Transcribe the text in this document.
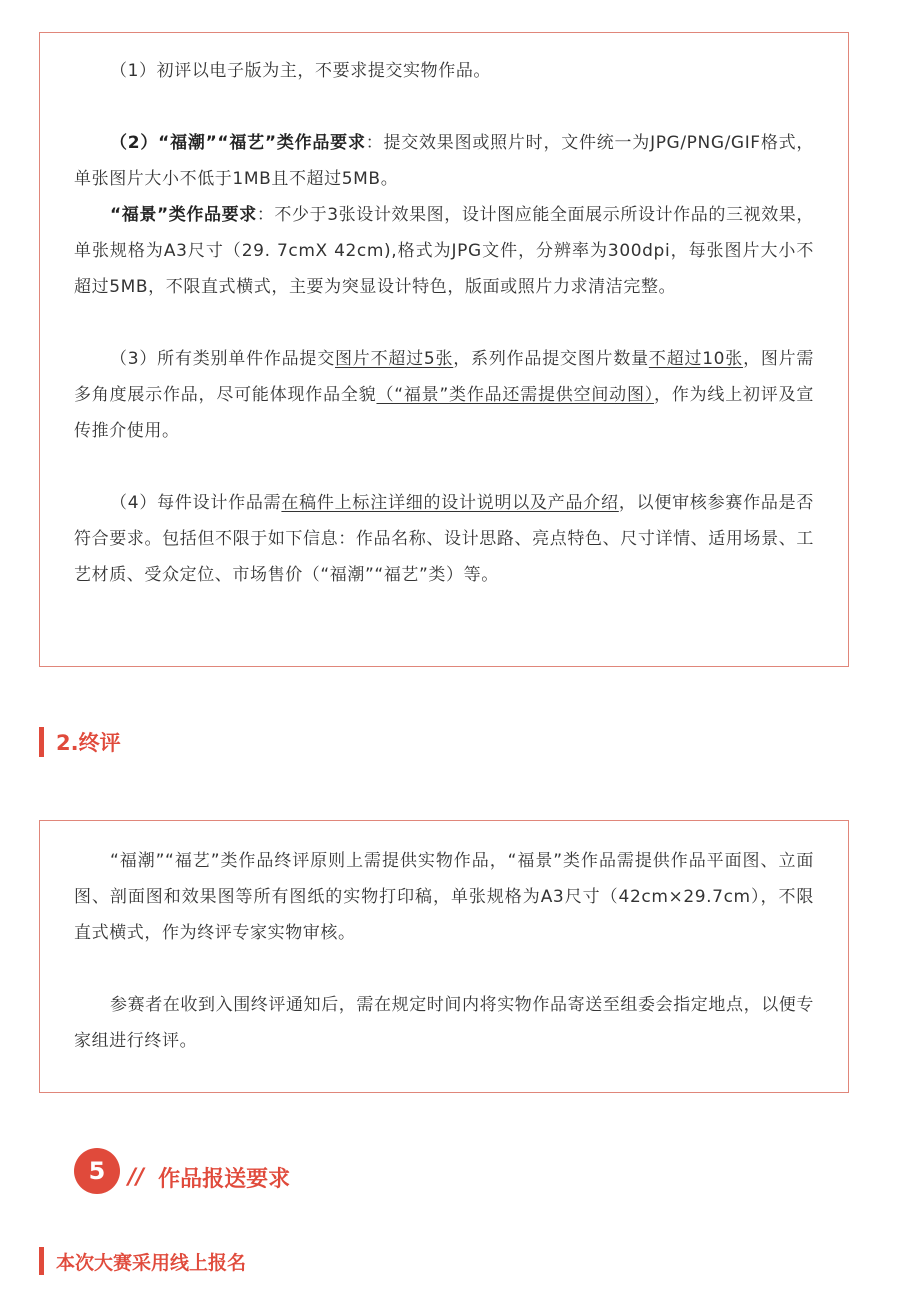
（1）初评以电子版为主，不要求提交实物作品。

（2）“福潮”“福艺”类作品要求：提交效果图或照片时，文件统一为JPG/PNG/GIF格式，单张图片大小不低于1MB且不超过5MB。

“福景”类作品要求：不少于3张设计效果图，设计图应能全面展示所设计作品的三视效果，单张规格为A3尺寸（29. 7cmX 42cm),格式为JPG文件，分辨率为300dpi，每张图片大小不超过5MB，不限直式横式，主要为突显设计特色，版面或照片力求清洁完整。

（3）所有类别单件作品提交图片不超过5张，系列作品提交图片数量不超过10张，图片需多角度展示作品，尽可能体现作品全貌（“福景”类作品还需提供空间动图），作为线上初评及宣传推介使用。

（4）每件设计作品需在稿件上标注详细的设计说明以及产品介绍，以便审核参赛作品是否符合要求。包括但不限于如下信息：作品名称、设计思路、亮点特色、尺寸详情、适用场景、工艺材质、受众定位、市场售价（“福潮”“福艺”类）等。

2.终评

“福潮”“福艺”类作品终评原则上需提供实物作品，“福景”类作品需提供作品平面图、立面图、剖面图和效果图等所有图纸的实物打印稿，单张规格为A3尺寸（42cm×29.7cm），不限直式横式，作为终评专家实物审核。

参赛者在收到入围终评通知后，需在规定时间内将实物作品寄送至组委会指定地点，以便专家组进行终评。

5	// 作品报送要求
本次大赛采用线上报名
